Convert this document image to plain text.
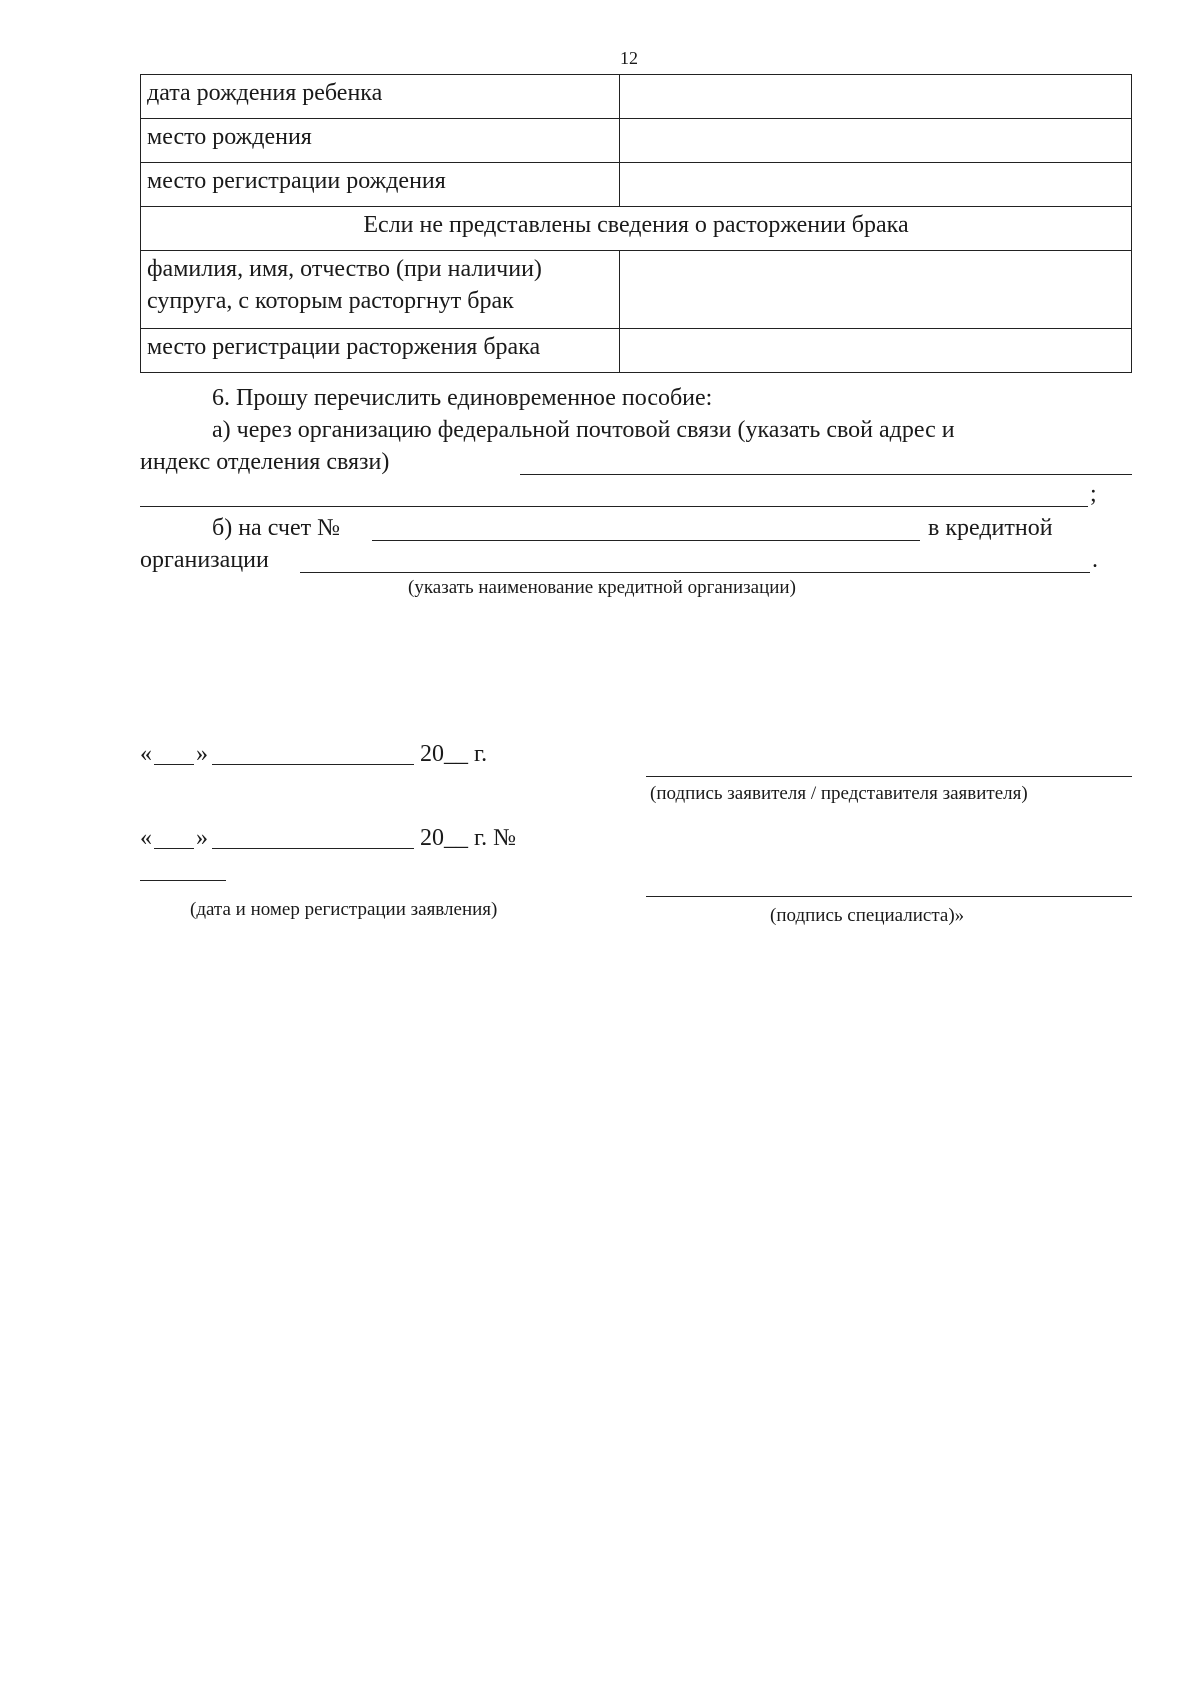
12
дата рождения ребенка	
место рождения	
место регистрации рождения	
Если не представлены сведения о расторжении брака	

фамилия, имя, отчество (при наличии)
супруга, с которым расторгнут брак	

место регистрации расторжения брака	
6. Прошу перечислить единовременное пособие:
а) через организацию федеральной почтовой связи (указать свой адрес и
индекс отделения связи)
;
б) на счет №	в кредитной
организации	.
(указать наименование кредитной организации)
« »	20__ г.
(подпись заявителя / представителя заявителя)
« »	20__ г. №
(дата и номер регистрации заявления)	(подпись специалиста)»
